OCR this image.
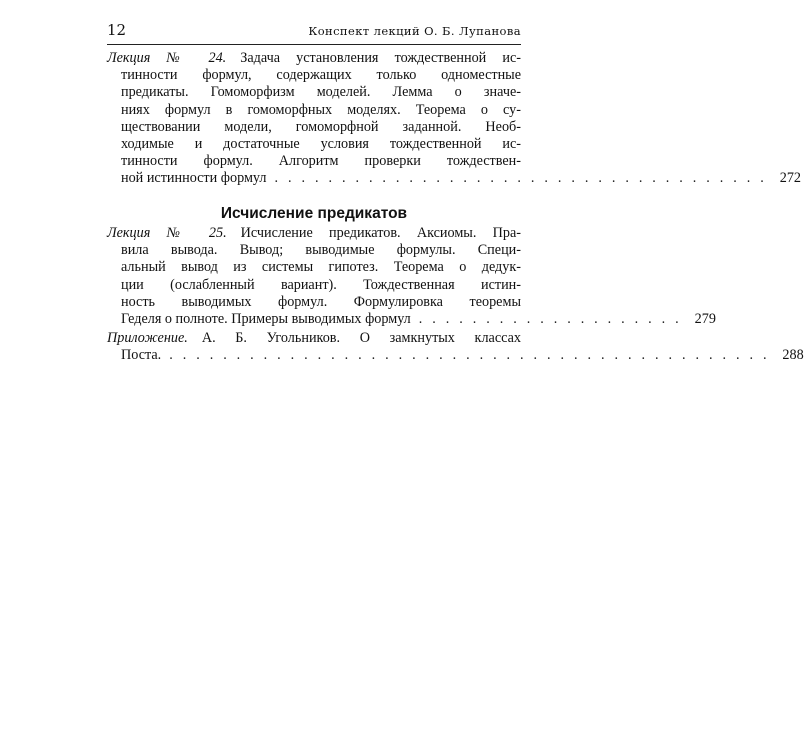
12	Конспект лекций О. Б. Лупанова
Лекция № 24. Задача установления тождественной ис-
тинности формул, содержащих только одноместные
предикаты. Гомоморфизм моделей. Лемма о значе-
ниях формул в гомоморфных моделях. Теорема о су-
ществовании модели, гомоморфной заданной. Необ-
ходимые и достаточные условия тождественной ис-
тинности формул. Алгоритм проверки тождествен-
ной истинности формул . . . . . . . . . . . . . . . . . . . . . . . . . . . . . . . . . . . . . 272
Исчисление предикатов
Лекция № 25. Исчисление предикатов. Аксиомы. Пра-
вила вывода. Вывод; выводимые формулы. Специ-
альный вывод из системы гипотез. Теорема о дедук-
ции (ослабленный вариант). Тождественная истин-
ность выводимых формул. Формулировка теоремы
Геделя о полноте. Примеры выводимых формул . . . . . . . . . . . . . . . . . . . . 279
Приложение. А. Б. Угольников. О замкнутых классах
Поста. . . . . . . . . . . . . . . . . . . . . . . . . . . . . . . . . . . . . . . . . . . . . . 288
